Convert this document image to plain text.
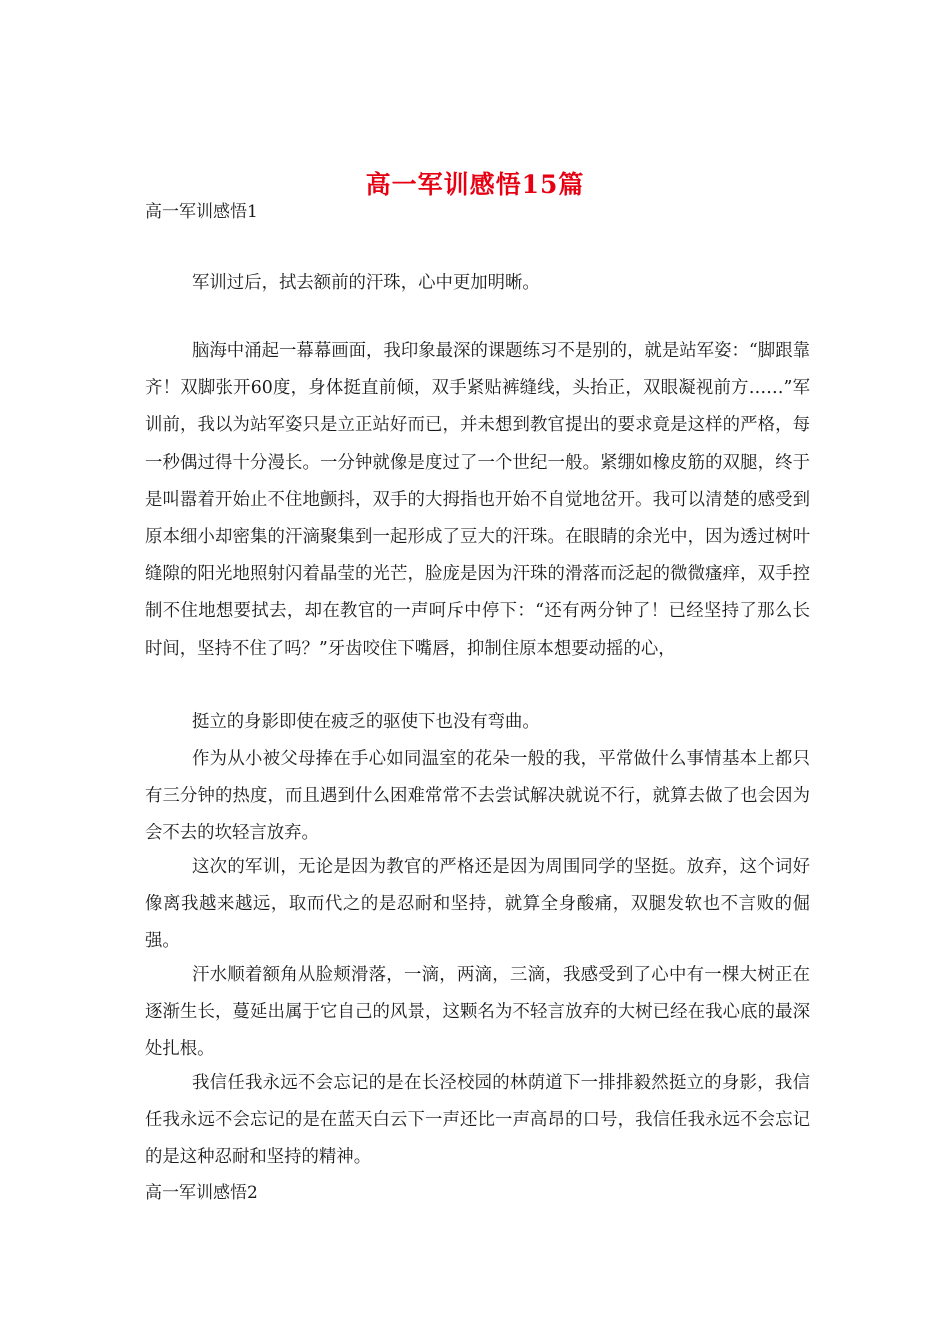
高一军训感悟15篇
高一军训感悟1

军训过后，拭去额前的汗珠，心中更加明晰。

脑海中涌起一幕幕画面，我印象最深的课题练习不是别的，就是站军姿：“脚跟靠齐！双脚张开60度，身体挺直前倾，双手紧贴裤缝线，头抬正，双眼凝视前方……”军训前，我以为站军姿只是立正站好而已，并未想到教官提出的要求竟是这样的严格，每一秒偶过得十分漫长。一分钟就像是度过了一个世纪一般。紧绷如橡皮筋的双腿，终于是叫嚣着开始止不住地颤抖，双手的大拇指也开始不自觉地岔开。我可以清楚的感受到原本细小却密集的汗滴聚集到一起形成了豆大的汗珠。在眼睛的余光中，因为透过树叶缝隙的阳光地照射闪着晶莹的光芒，脸庞是因为汗珠的滑落而泛起的微微瘙痒，双手控制不住地想要拭去，却在教官的一声呵斥中停下：“还有两分钟了！已经坚持了那么长时间，坚持不住了吗？”牙齿咬住下嘴唇，抑制住原本想要动摇的心，

挺立的身影即使在疲乏的驱使下也没有弯曲。

作为从小被父母捧在手心如同温室的花朵一般的我，平常做什么事情基本上都只有三分钟的热度，而且遇到什么困难常常不去尝试解决就说不行，就算去做了也会因为会不去的坎轻言放弃。

这次的军训，无论是因为教官的严格还是因为周围同学的坚挺。放弃，这个词好像离我越来越远，取而代之的是忍耐和坚持，就算全身酸痛，双腿发软也不言败的倔强。

汗水顺着额角从脸颊滑落，一滴，两滴，三滴，我感受到了心中有一棵大树正在逐渐生长，蔓延出属于它自己的风景，这颗名为不轻言放弃的大树已经在我心底的最深处扎根。

我信任我永远不会忘记的是在长泾校园的林荫道下一排排毅然挺立的身影，我信任我永远不会忘记的是在蓝天白云下一声还比一声高昂的口号，我信任我永远不会忘记的是这种忍耐和坚持的精神。

高一军训感悟2
